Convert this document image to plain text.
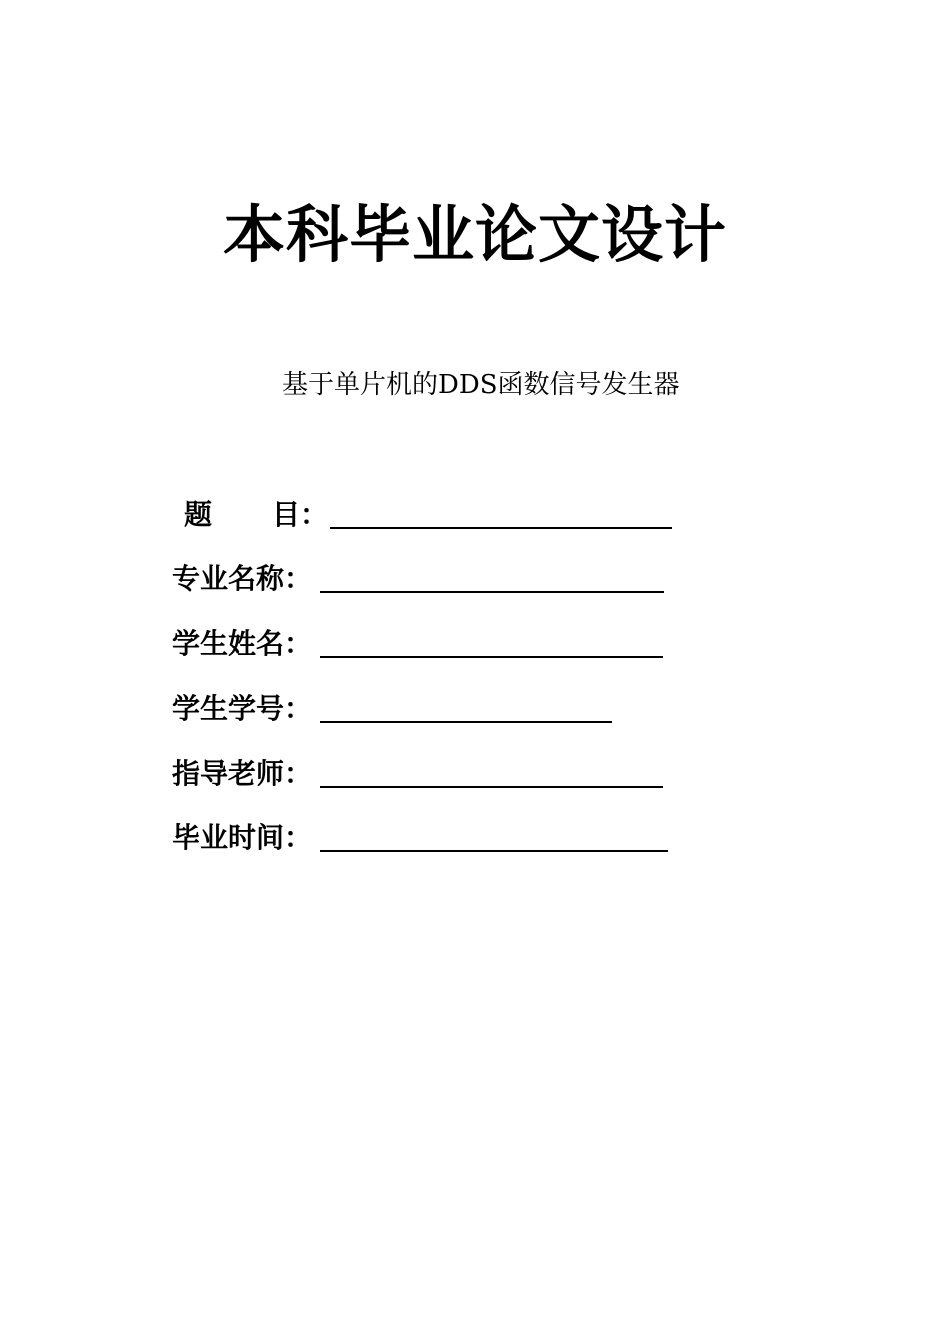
本科毕业论文设计
基于单片机的DDS函数信号发生器
题 目：
专业名称：
学生姓名：
学生学号：
指导老师：
毕业时间：
